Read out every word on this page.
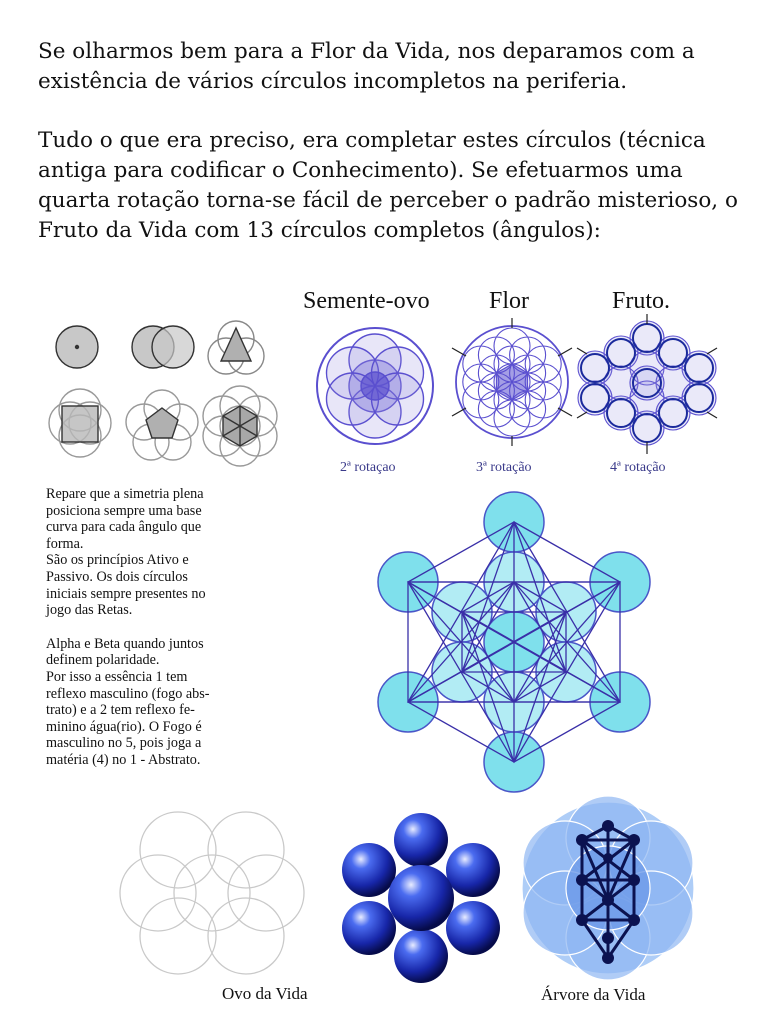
Se olharmos bem para a Flor da Vida, nos deparamos com a existência de vários círculos incompletos na periferia.

Tudo o que era preciso, era completar estes círculos (técnica antiga para codificar o Conhecimento). Se efetuarmos uma quarta rotação torna-se fácil de perceber o padrão misterioso, o Fruto da Vida com 13 círculos completos (ângulos):

Semente-ovo Flor	Fruto.
2ª rotaçao	3ª rotação	4ª rotação

Repare que a simetria plena

posiciona sempre uma base

curva para cada ângulo que

forma.

São os princípios Ativo e

Passivo. Os dois círculos

iniciais sempre presentes no

jogo das Retas.

Alpha e Beta quando juntos

definem polaridade.

Por isso a essência 1 tem

reflexo masculino (fogo abs-

trato) e a 2 tem reflexo fe-

minino água(rio). O Fogo é

masculino no 5, pois joga a

matéria (4) no 1 - Abstrato.

Ovo da Vida	Árvore da Vida
